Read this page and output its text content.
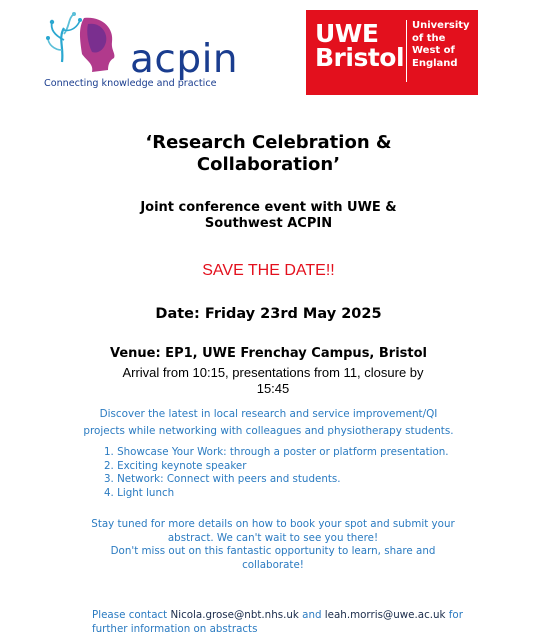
acpin
Connecting knowledge and practice
UWE
Bristol
University
of the
West of
England
‘Research Celebration &
Collaboration’
Joint conference event with UWE &
Southwest ACPIN
SAVE THE DATE!!
Date: Friday 23rd May 2025
Venue: EP1, UWE Frenchay Campus, Bristol
Arrival from 10:15, presentations from 11, closure by 15:45
Discover the latest in local research and service improvement/QI
projects while networking with colleagues and physiotherapy students.
1. Showcase Your Work: through a poster or platform presentation.
2. Exciting keynote speaker
3. Network: Connect with peers and students.
4. Light lunch
Stay tuned for more details on how to book your spot and submit your abstract. We can't wait to see you there!
Don't miss out on this fantastic opportunity to learn, share and collaborate!
Please contact Nicola.grose@nbt.nhs.uk and leah.morris@uwe.ac.uk for further information on abstracts
